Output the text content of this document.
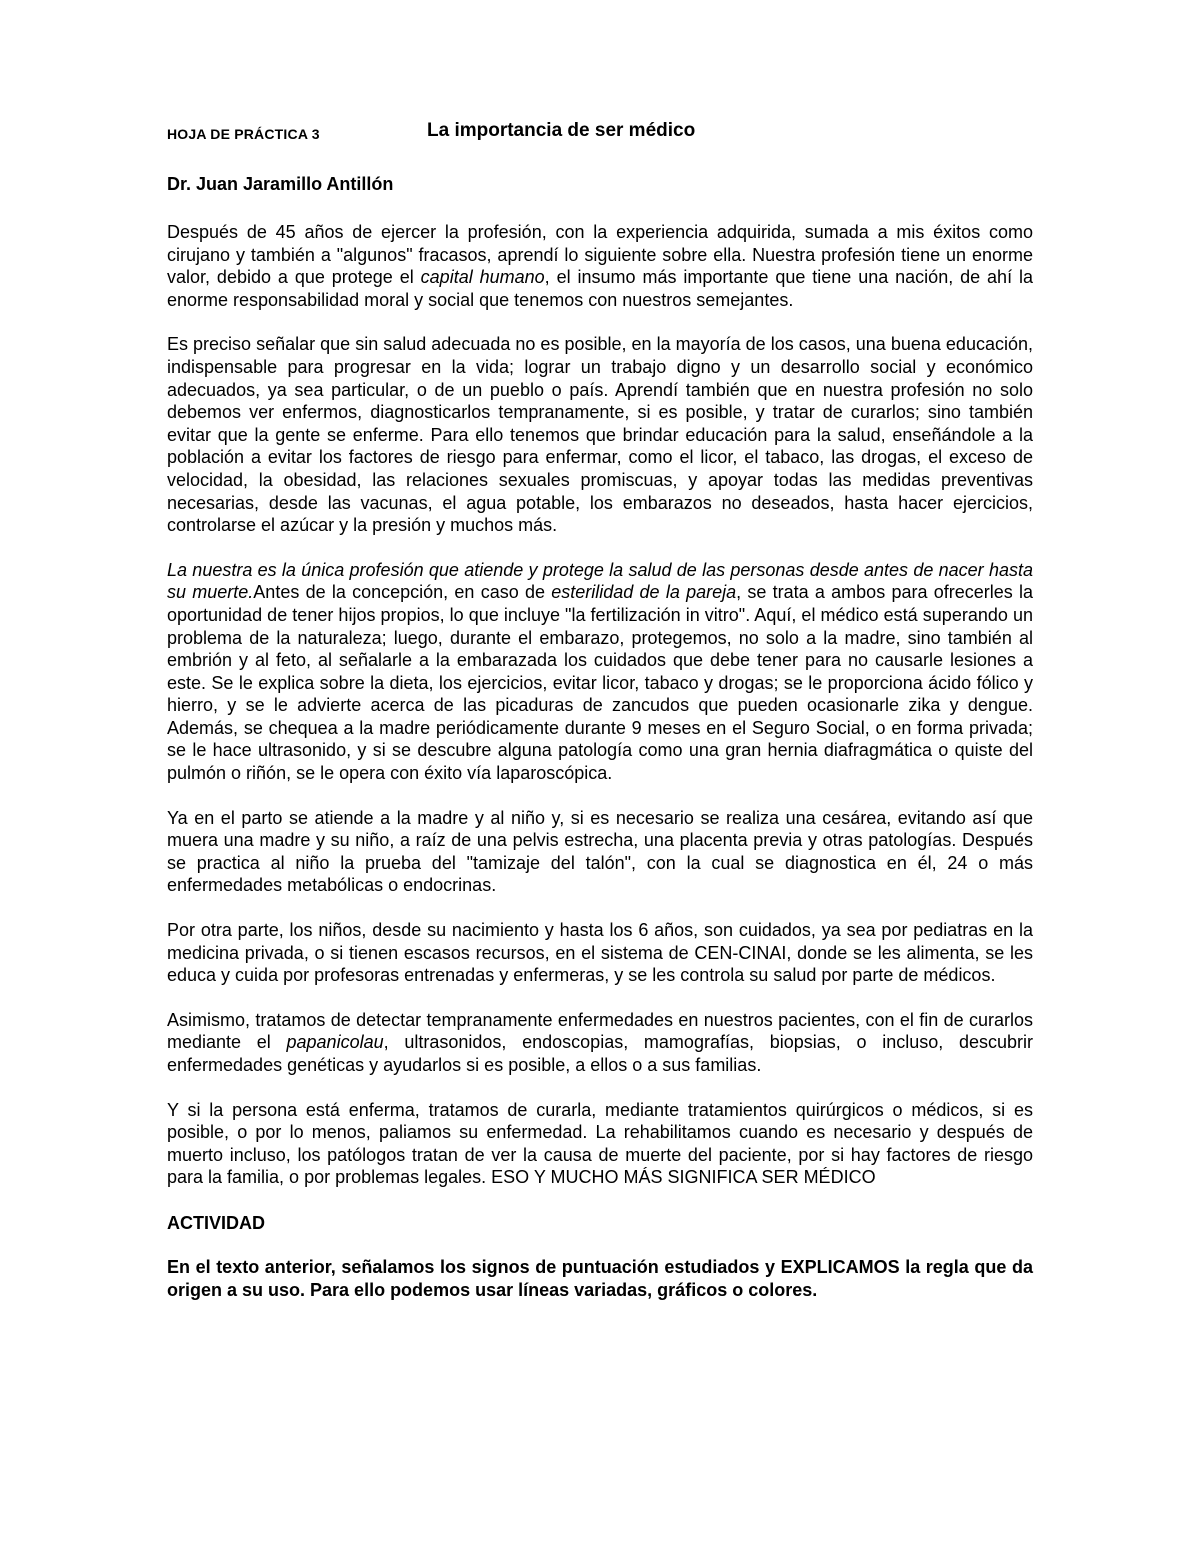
HOJA DE PRÁCTICA 3	La importancia de ser médico
Dr. Juan Jaramillo Antillón

Después de 45 años de ejercer la profesión, con la experiencia adquirida, sumada a mis éxitos como cirujano y también a "algunos" fracasos, aprendí lo siguiente sobre ella. Nuestra profesión tiene un enorme valor, debido a que protege el capital humano, el insumo más importante que tiene una nación, de ahí la enorme responsabilidad moral y social que tenemos con nuestros semejantes.

Es preciso señalar que sin salud adecuada no es posible, en la mayoría de los casos, una buena educación, indispensable para progresar en la vida; lograr un trabajo digno y un desarrollo social y económico adecuados, ya sea particular, o de un pueblo o país. Aprendí también que en nuestra profesión no solo debemos ver enfermos, diagnosticarlos tempranamente, si es posible, y tratar de curarlos; sino también evitar que la gente se enferme. Para ello tenemos que brindar educación para la salud, enseñándole a la población a evitar los factores de riesgo para enfermar, como el licor, el tabaco, las drogas, el exceso de velocidad, la obesidad, las relaciones sexuales promiscuas, y apoyar todas las medidas preventivas necesarias, desde las vacunas, el agua potable, los embarazos no deseados, hasta hacer ejercicios, controlarse el azúcar y la presión y muchos más.

La nuestra es la única profesión que atiende y protege la salud de las personas desde antes de nacer hasta su muerte.Antes de la concepción, en caso de esterilidad de la pareja, se trata a ambos para ofrecerles la oportunidad de tener hijos propios, lo que incluye "la fertilización in vitro". Aquí, el médico está superando un problema de la naturaleza; luego, durante el embarazo, protegemos, no solo a la madre, sino también al embrión y al feto, al señalarle a la embarazada los cuidados que debe tener para no causarle lesiones a este. Se le explica sobre la dieta, los ejercicios, evitar licor, tabaco y drogas; se le proporciona ácido fólico y hierro, y se le advierte acerca de las picaduras de zancudos que pueden ocasionarle zika y dengue. Además, se chequea a la madre periódicamente durante 9 meses en el Seguro Social, o en forma privada; se le hace ultrasonido, y si se descubre alguna patología como una gran hernia diafragmática o quiste del pulmón o riñón, se le opera con éxito vía laparoscópica.

Ya en el parto se atiende a la madre y al niño y, si es necesario se realiza una cesárea, evitando así que muera una madre y su niño, a raíz de una pelvis estrecha, una placenta previa y otras patologías. Después se practica al niño la prueba del "tamizaje del talón", con la cual se diagnostica en él, 24 o más enfermedades metabólicas o endocrinas.

Por otra parte, los niños, desde su nacimiento y hasta los 6 años, son cuidados, ya sea por pediatras en la medicina privada, o si tienen escasos recursos, en el sistema de CEN-CINAI, donde se les alimenta, se les educa y cuida por profesoras entrenadas y enfermeras, y se les controla su salud por parte de médicos.

Asimismo, tratamos de detectar tempranamente enfermedades en nuestros pacientes, con el fin de curarlos mediante el papanicolau, ultrasonidos, endoscopias, mamografías, biopsias, o incluso, descubrir enfermedades genéticas y ayudarlos si es posible, a ellos o a sus familias.

Y si la persona está enferma, tratamos de curarla, mediante tratamientos quirúrgicos o médicos, si es posible, o por lo menos, paliamos su enfermedad. La rehabilitamos cuando es necesario y después de muerto incluso, los patólogos tratan de ver la causa de muerte del paciente, por si hay factores de riesgo para la familia, o por problemas legales. ESO Y MUCHO MÁS SIGNIFICA SER MÉDICO

ACTIVIDAD
En el texto anterior, señalamos los signos de puntuación estudiados y EXPLICAMOS la regla que da origen a su uso. Para ello podemos usar líneas variadas, gráficos o colores.
